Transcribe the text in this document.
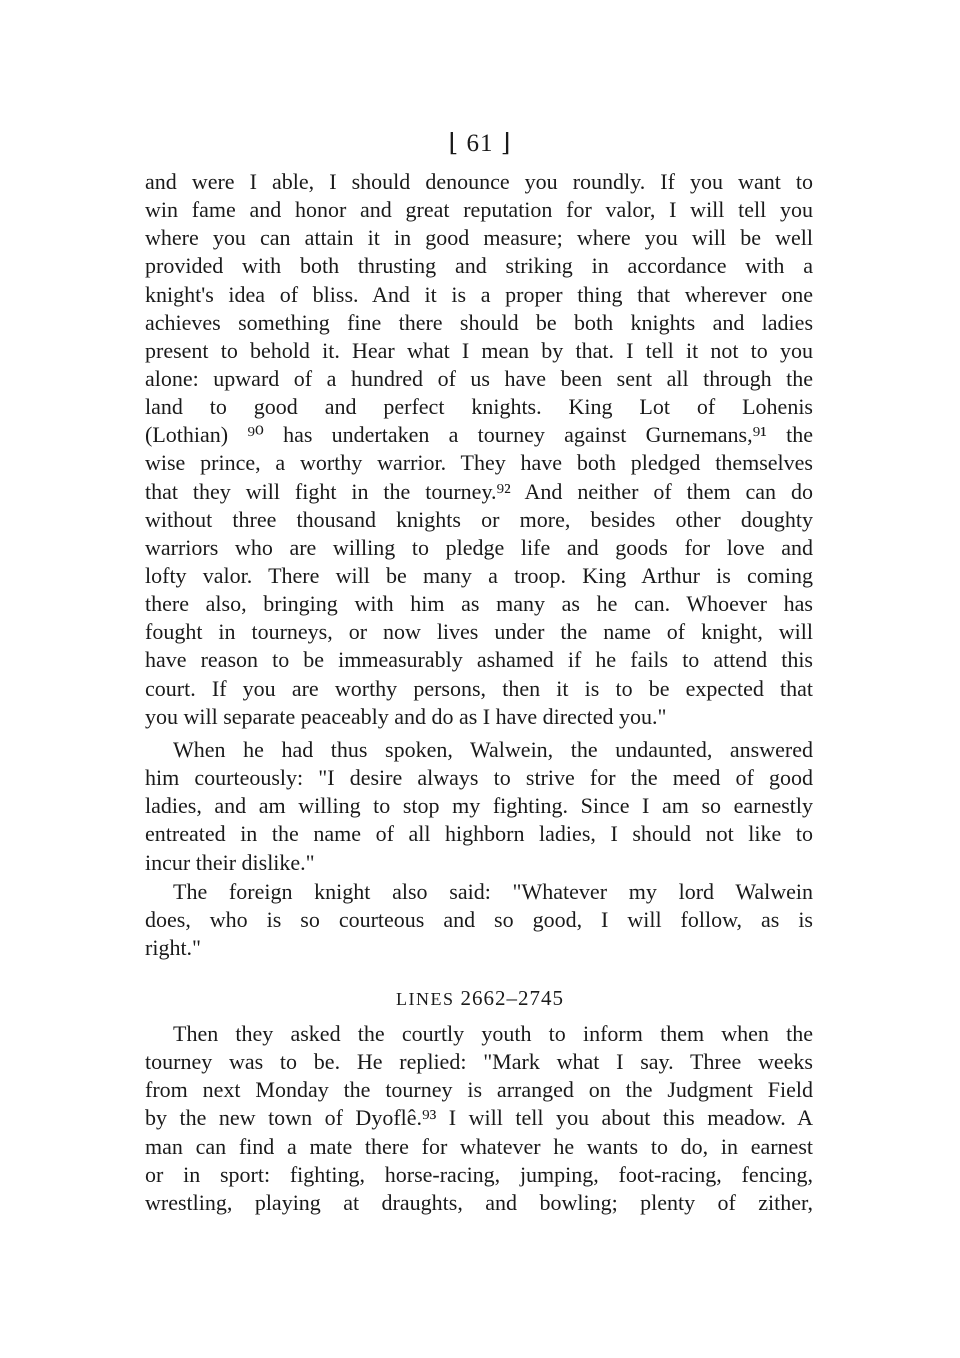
⌊ 61 ⌋
and were I able, I should denounce you roundly. If you want to
win fame and honor and great reputation for valor, I will tell you
where you can attain it in good measure; where you will be well
provided with both thrusting and striking in accordance with a
knight's idea of bliss. And it is a proper thing that wherever one
achieves something fine there should be both knights and ladies
present to behold it. Hear what I mean by that. I tell it not to you
alone: upward of a hundred of us have been sent all through the
land to good and perfect knights. King Lot of Lohenis
(Lothian) ⁹⁰ has undertaken a tourney against Gurnemans,⁹¹ the
wise prince, a worthy warrior. They have both pledged themselves
that they will fight in the tourney.⁹² And neither of them can do
without three thousand knights or more, besides other doughty
warriors who are willing to pledge life and goods for love and
lofty valor. There will be many a troop. King Arthur is coming
there also, bringing with him as many as he can. Whoever has
fought in tourneys, or now lives under the name of knight, will
have reason to be immeasurably ashamed if he fails to attend this
court. If you are worthy persons, then it is to be expected that
you will separate peaceably and do as I have directed you."
When he had thus spoken, Walwein, the undaunted, answered
him courteously: "I desire always to strive for the meed of good
ladies, and am willing to stop my fighting. Since I am so earnestly
entreated in the name of all highborn ladies, I should not like to
incur their dislike."
The foreign knight also said: "Whatever my lord Walwein
does, who is so courteous and so good, I will follow, as is
right."
LINES 2662–2745
Then they asked the courtly youth to inform them when the
tourney was to be. He replied: "Mark what I say. Three weeks
from next Monday the tourney is arranged on the Judgment Field
by the new town of Dyoflê.⁹³ I will tell you about this meadow. A
man can find a mate there for whatever he wants to do, in earnest
or in sport: fighting, horse-racing, jumping, foot-racing, fencing,
wrestling, playing at draughts, and bowling; plenty of zither,
